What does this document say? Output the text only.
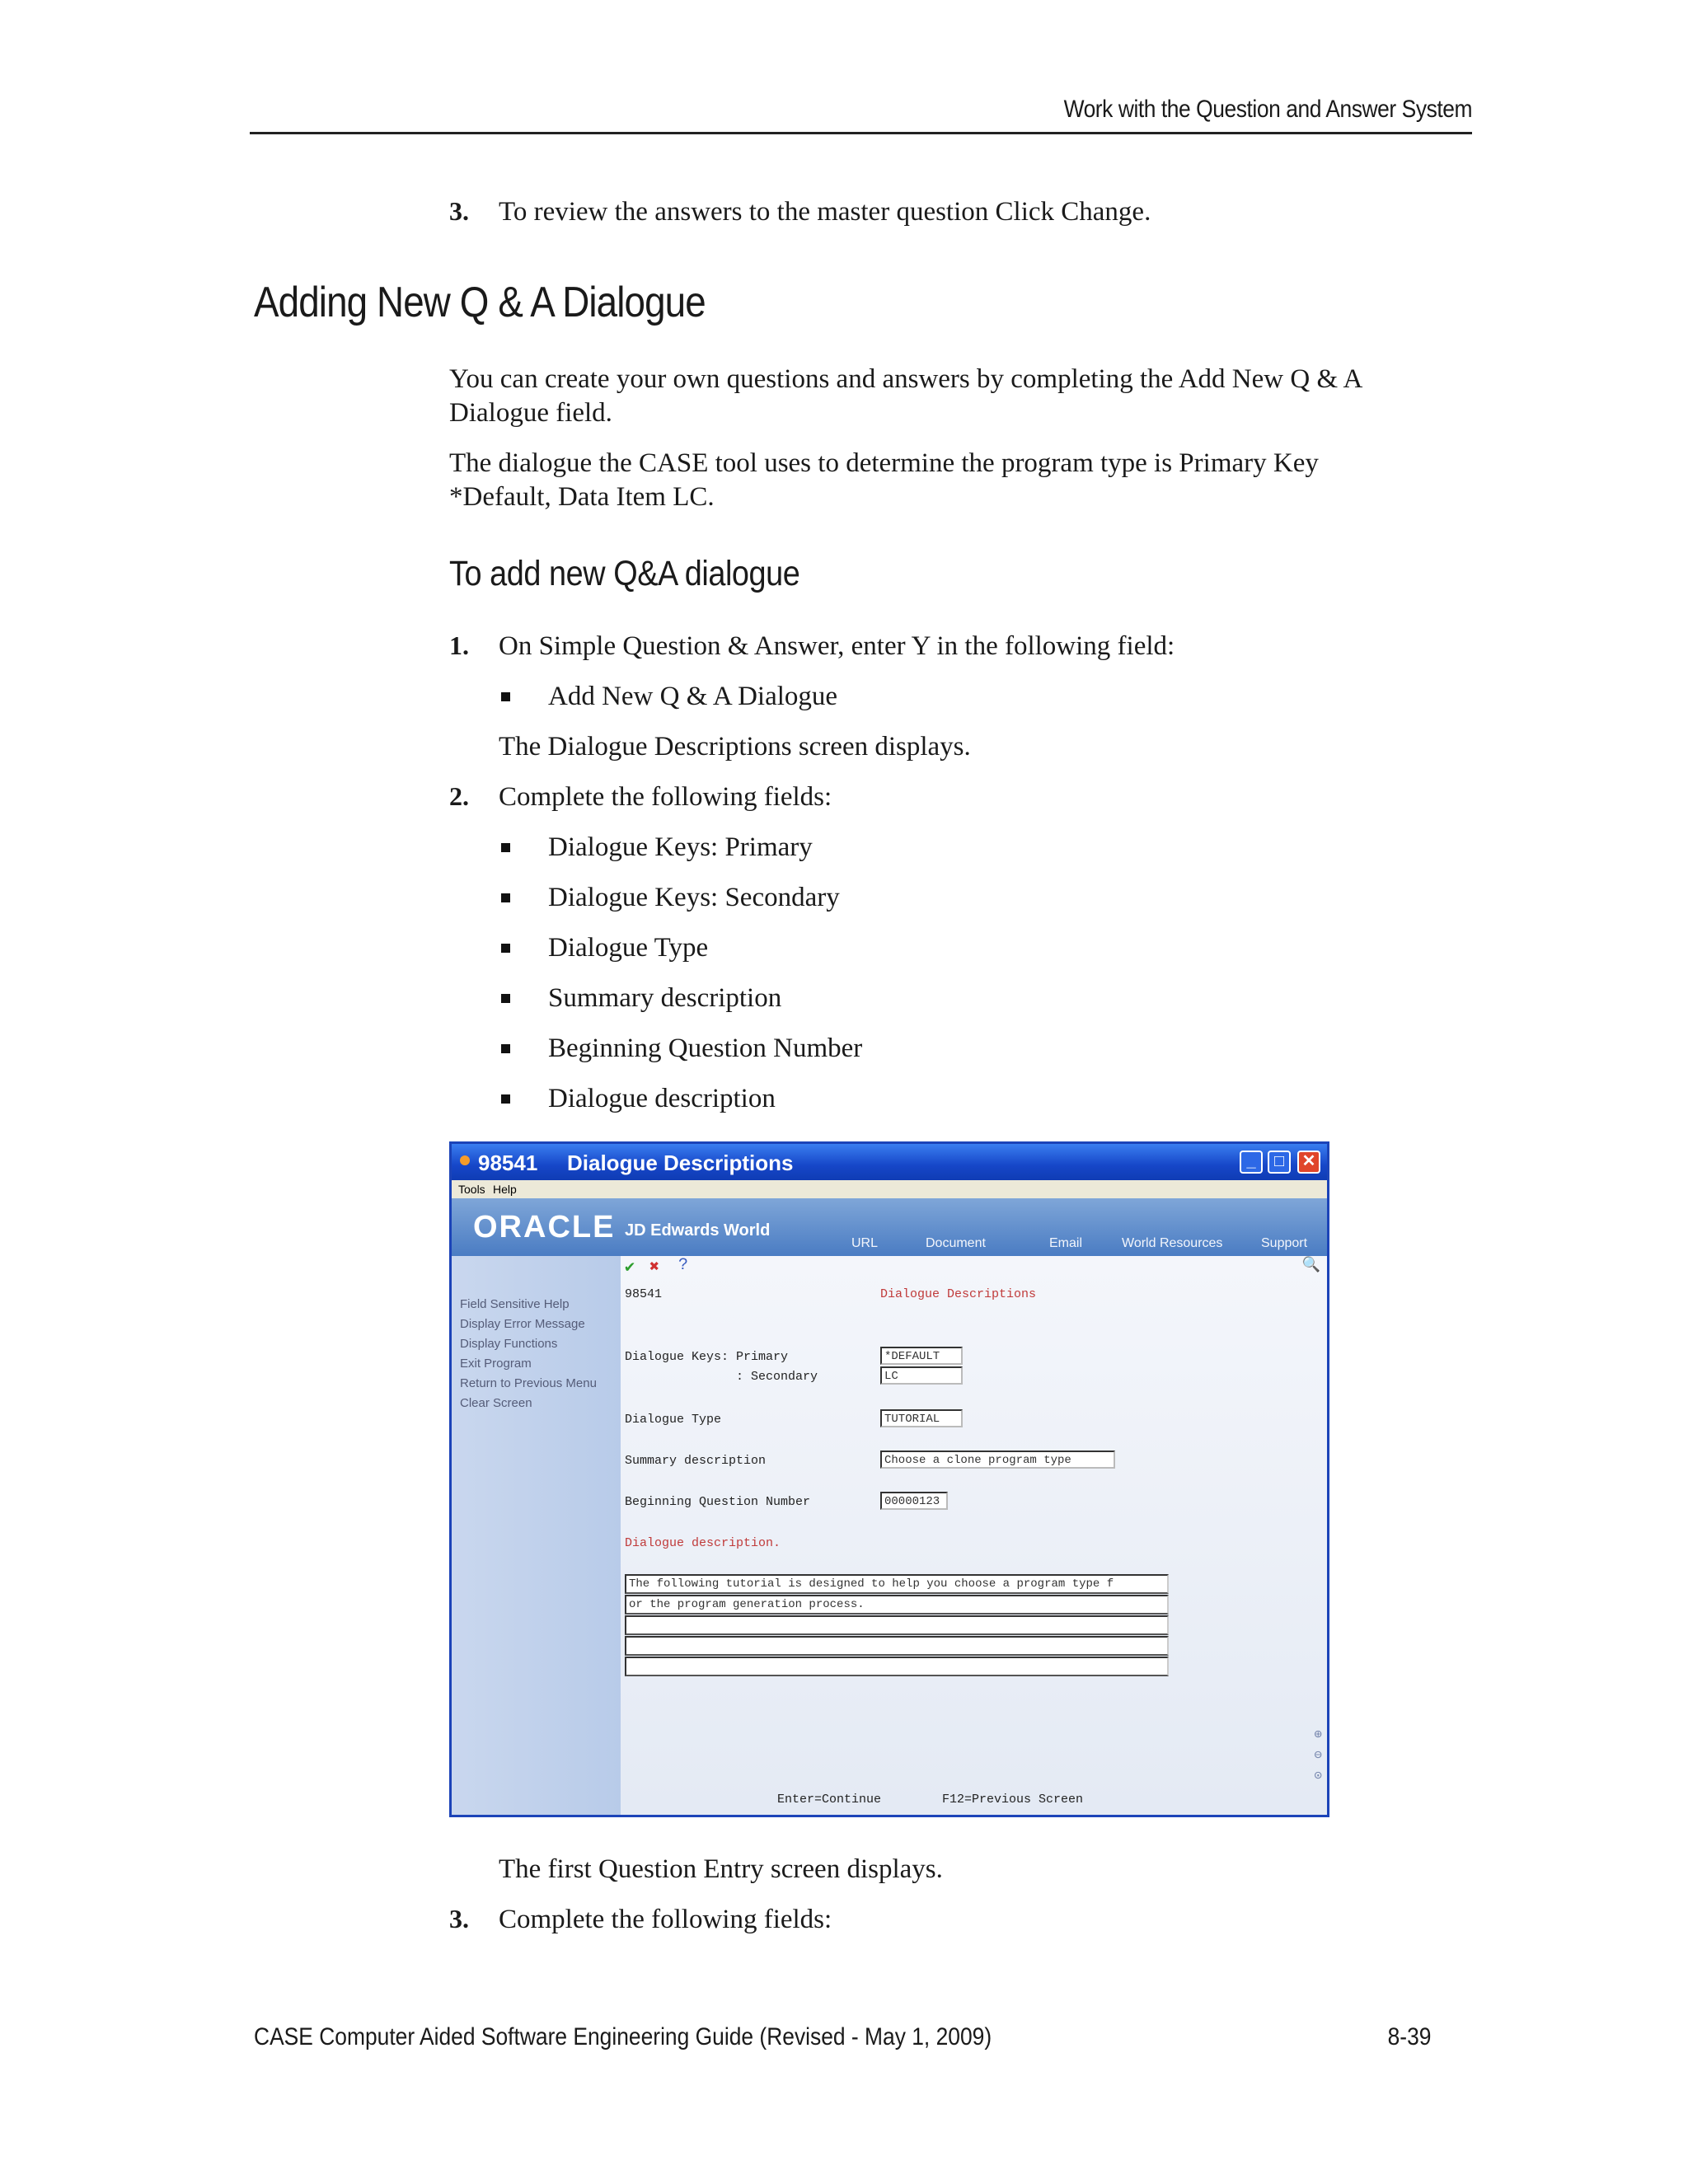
Work with the Question and Answer System
3. To review the answers to the master question Click Change.
Adding New Q & A Dialogue
You can create your own questions and answers by completing the Add New Q & A
Dialogue field.
The dialogue the CASE tool uses to determine the program type is Primary Key
*Default, Data Item LC.
To add new Q&A dialogue
1. On Simple Question & Answer, enter Y in the following field:
Add New Q & A Dialogue
The Dialogue Descriptions screen displays.
2. Complete the following fields:
Dialogue Keys: Primary
Dialogue Keys: Secondary
Dialogue Type
Summary description
Beginning Question Number
Dialogue description
98541 Dialogue Descriptions	_	□	✕
Tools Help
ORACLE JD Edwards World
URL	Document	Email	World Resources	Support
Field Sensitive Help
Display Error Message
Display Functions
Exit Program
Return to Previous Menu
Clear Screen
✔ ✖ ?	🔍
98541	Dialogue Descriptions
Dialogue Keys: Primary	*DEFAULT
: Secondary	LC
Dialogue Type	TUTORIAL
Summary description	Choose a clone program type
Beginning Question Number	00000123
Dialogue description.
The following tutorial is designed to help you choose a program type f
or the program generation process.
⊕
⊖
⊙
Enter=Continue	F12=Previous Screen
The first Question Entry screen displays.
3. Complete the following fields:
CASE Computer Aided Software Engineering Guide (Revised - May 1, 2009)	8-39
